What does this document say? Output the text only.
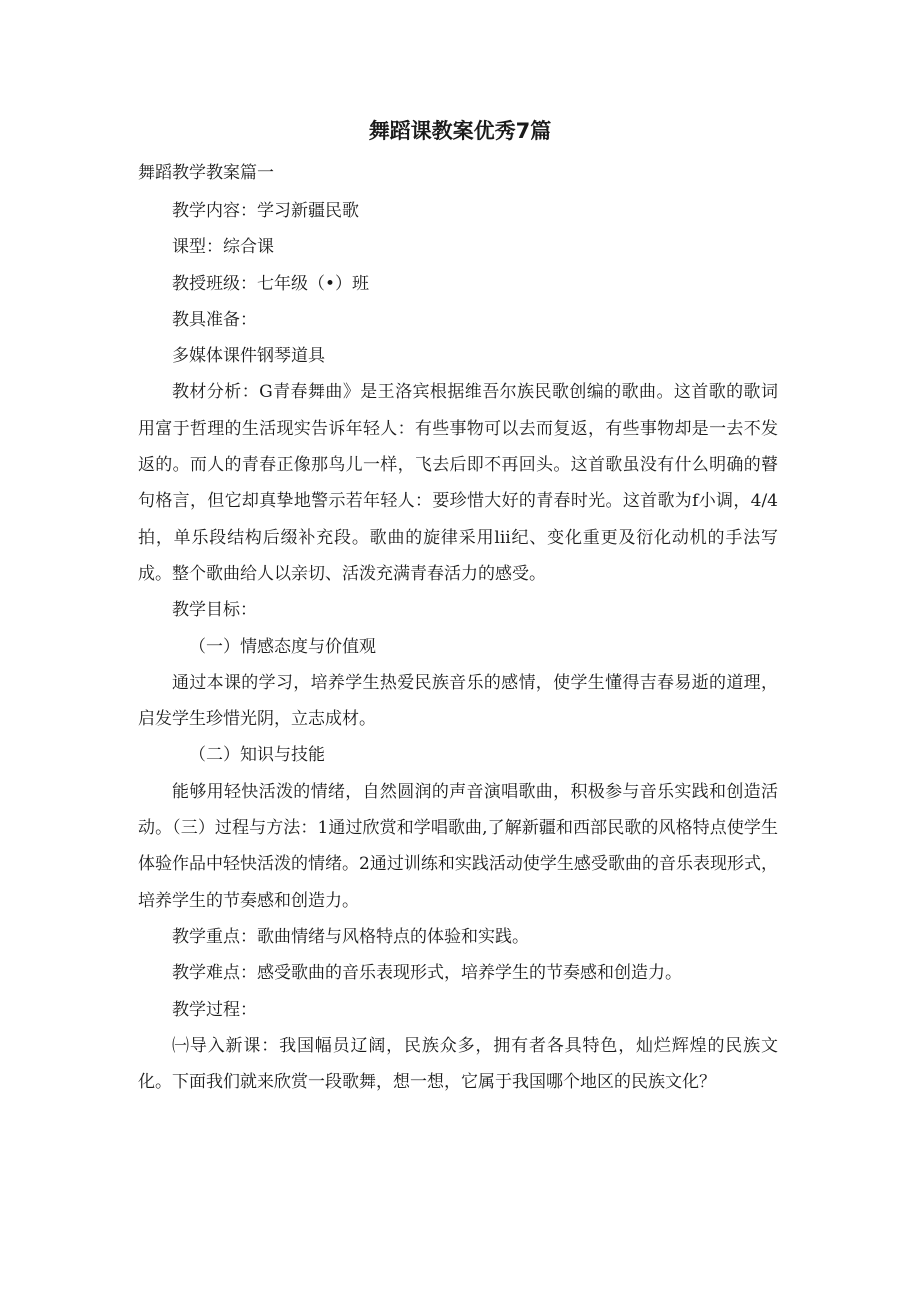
舞蹈课教案优秀7篇
舞蹈教学教案篇一

教学内容：学习新疆民歌

课型：综合课

教授班级：七年级（•）班

教具准备：

多媒体课件钢琴道具

教材分析：G青春舞曲》是王洛宾根据维吾尔族民歌创编的歌曲。这首歌的歌词用富于哲理的生活现实告诉年轻人：有些事物可以去而复返，有些事物却是一去不发返的。而人的青春正像那鸟儿一样，飞去后即不再回头。这首歌虽没有什么明确的瞽句格言，但它却真挚地警示若年轻人：要珍惜大好的青春时光。这首歌为f小调，4/4拍，单乐段结构后缀补充段。歌曲的旋律采用lii纪、变化重更及衍化动机的手法写成。整个歌曲给人以亲切、活泼充满青春活力的感受。

教学目标：

（一）情感态度与价值观

通过本课的学习，培养学生热爱民族音乐的感情，使学生懂得吉春易逝的道理，启发学生珍惜光阴，立志成材。

（二）知识与技能

能够用轻快活泼的情绪，自然圆润的声音演唱歌曲，积极参与音乐实践和创造活动。（三）过程与方法：1通过欣赏和学唱歌曲,了解新疆和西部民歌的风格特点使学生体验作品中轻快活泼的情绪。2通过训练和实践活动使学生感受歌曲的音乐表现形式，培养学生的节奏感和创造力。

教学重点：歌曲情绪与风格特点的体验和实践。

教学难点：感受歌曲的音乐表现形式，培养学生的节奏感和创造力。

教学过程：

㈠导入新课：我国幅员辽阔，民族众多，拥有者各具特色，灿烂辉煌的民族文化。下面我们就来欣赏一段歌舞，想一想，它属于我国哪个地区的民族文化？
